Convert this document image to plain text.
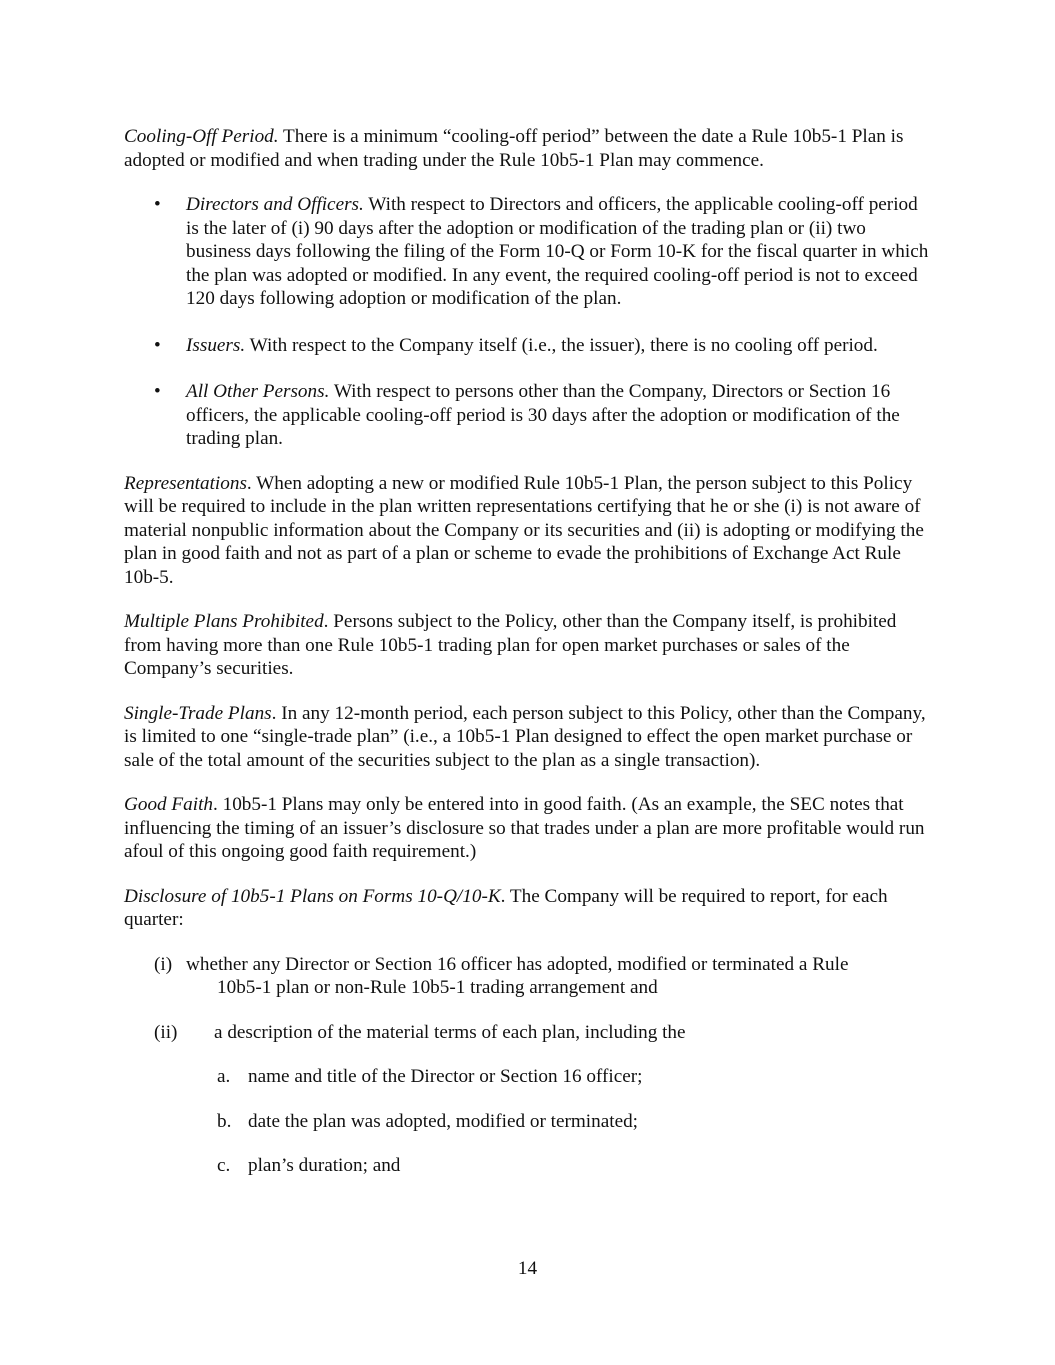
Cooling-Off Period. There is a minimum “cooling-off period” between the date a Rule 10b5-1 Plan is adopted or modified and when trading under the Rule 10b5-1 Plan may commence.

• Directors and Officers. With respect to Directors and officers, the applicable cooling-off period is the later of (i) 90 days after the adoption or modification of the trading plan or (ii) two business days following the filing of the Form 10-Q or Form 10-K for the fiscal quarter in which the plan was adopted or modified. In any event, the required cooling-off period is not to exceed 120 days following adoption or modification of the plan.
• Issuers. With respect to the Company itself (i.e., the issuer), there is no cooling off period.
• All Other Persons. With respect to persons other than the Company, Directors or Section 16 officers, the applicable cooling-off period is 30 days after the adoption or modification of the trading plan.

Representations. When adopting a new or modified Rule 10b5-1 Plan, the person subject to this Policy will be required to include in the plan written representations certifying that he or she (i) is not aware of material nonpublic information about the Company or its securities and (ii) is adopting or modifying the plan in good faith and not as part of a plan or scheme to evade the prohibitions of Exchange Act Rule 10b-5.

Multiple Plans Prohibited. Persons subject to the Policy, other than the Company itself, is prohibited from having more than one Rule 10b5-1 trading plan for open market purchases or sales of the Company’s securities.

Single-Trade Plans. In any 12-month period, each person subject to this Policy, other than the Company, is limited to one “single-trade plan” (i.e., a 10b5-1 Plan designed to effect the open market purchase or sale of the total amount of the securities subject to the plan as a single transaction).

Good Faith. 10b5-1 Plans may only be entered into in good faith. (As an example, the SEC notes that influencing the timing of an issuer’s disclosure so that trades under a plan are more profitable would run afoul of this ongoing good faith requirement.)

Disclosure of 10b5-1 Plans on Forms 10-Q/10-K. The Company will be required to report, for each quarter:

(i) whether any Director or Section 16 officer has adopted, modified or terminated a Rule
10b5-1 plan or non-Rule 10b5-1 trading arrangement and
(ii) a description of the material terms of each plan, including the
a. name and title of the Director or Section 16 officer;
b. date the plan was adopted, modified or terminated;
c. plan’s duration; and
14
